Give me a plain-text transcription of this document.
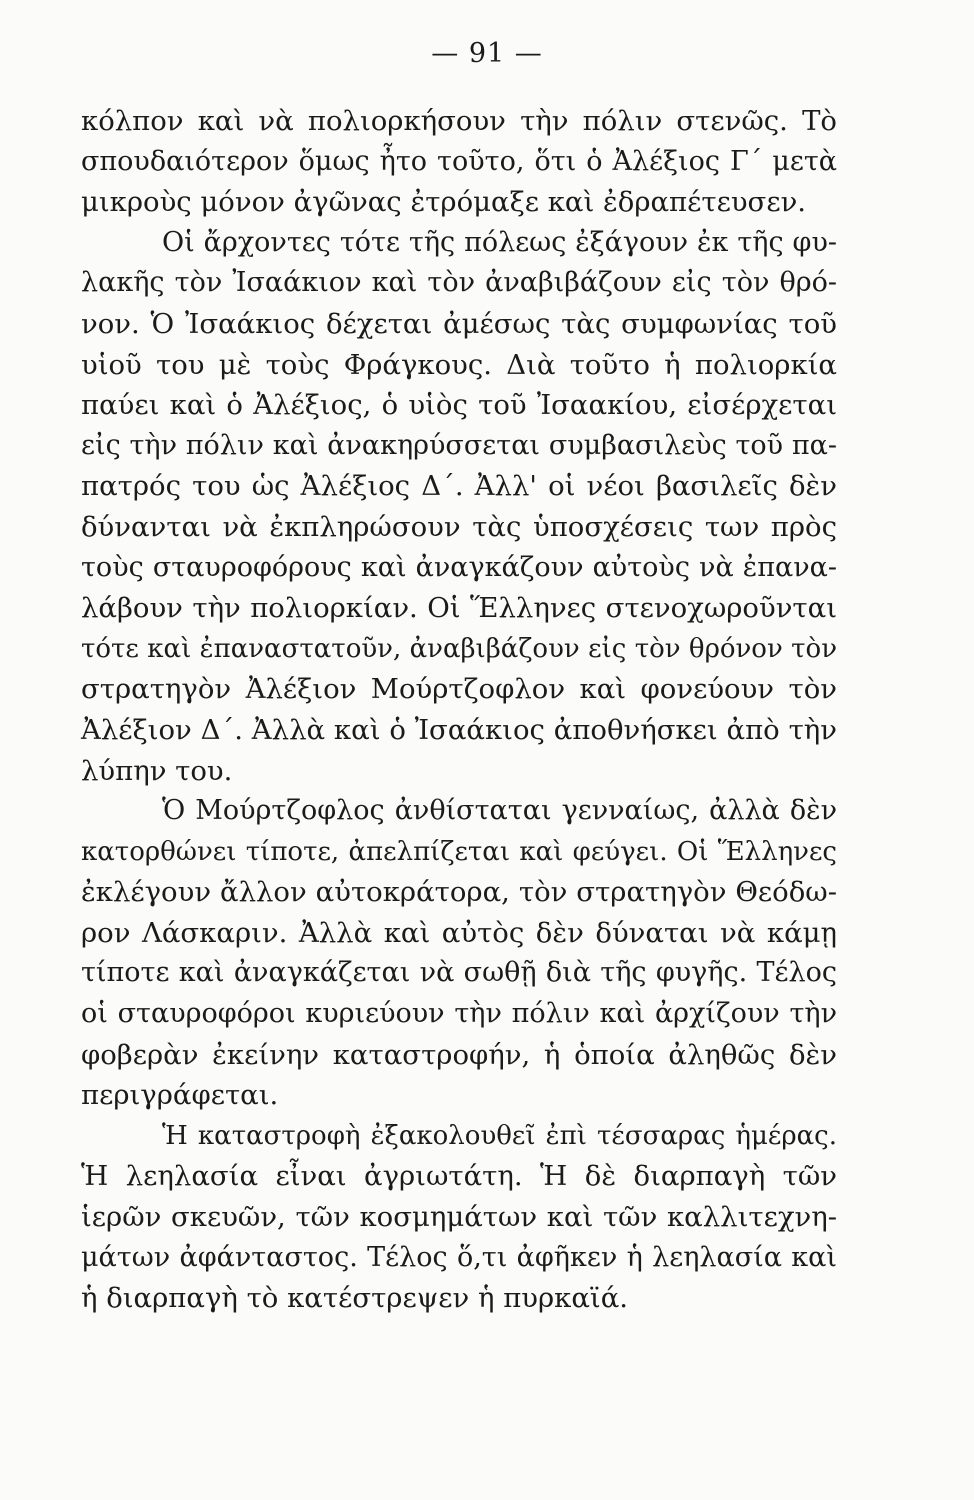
— 91 —
κόλπον καὶ νὰ πολιορκήσουν τὴν πόλιν στενῶς. Τὸ
σπουδαιότερον ὅμως ἦτο τοῦτο, ὅτι ὁ Ἀλέξιος Γ΄ μετὰ
μικροὺς μόνον ἀγῶνας ἐτρόμαξε καὶ ἐδραπέτευσεν.
Οἱ ἄρχοντες τότε τῆς πόλεως ἐξάγουν ἐκ τῆς φυ-
λακῆς τὸν Ἰσαάκιον καὶ τὸν ἀναβιβάζουν εἰς τὸν θρό-
νον. Ὁ Ἰσαάκιος δέχεται ἀμέσως τὰς συμφωνίας τοῦ
υἱοῦ του μὲ τοὺς Φράγκους. Διὰ τοῦτο ἡ πολιορκία
παύει καὶ ὁ Ἀλέξιος, ὁ υἱὸς τοῦ Ἰσαακίου, εἰσέρχεται
εἰς τὴν πόλιν καὶ ἀνακηρύσσεται συμβασιλεὺς τοῦ πα-
πατρός του ὡς Ἀλέξιος Δ΄. Ἀλλ' οἱ νέοι βασιλεῖς δὲν
δύνανται νὰ ἐκπληρώσουν τὰς ὑποσχέσεις των πρὸς
τοὺς σταυροφόρους καὶ ἀναγκάζουν αὐτοὺς νὰ ἐπανα-
λάβουν τὴν πολιορκίαν. Οἱ Ἕλληνες στενοχωροῦνται
τότε καὶ ἐπαναστατοῦν, ἀναβιβάζουν εἰς τὸν θρόνον τὸν
στρατηγὸν Ἀλέξιον Μούρτζοφλον καὶ φονεύουν τὸν
Ἀλέξιον Δ΄. Ἀλλὰ καὶ ὁ Ἰσαάκιος ἀποθνήσκει ἀπὸ τὴν
λύπην του.
Ὁ Μούρτζοφλος ἀνθίσταται γενναίως, ἀλλὰ δὲν
κατορθώνει τίποτε, ἀπελπίζεται καὶ φεύγει. Οἱ Ἕλληνες
ἐκλέγουν ἄλλον αὐτοκράτορα, τὸν στρατηγὸν Θεόδω-
ρον Λάσκαριν. Ἀλλὰ καὶ αὐτὸς δὲν δύναται νὰ κάμῃ
τίποτε καὶ ἀναγκάζεται νὰ σωθῇ διὰ τῆς φυγῆς. Τέλος
οἱ σταυροφόροι κυριεύουν τὴν πόλιν καὶ ἀρχίζουν τὴν
φοβερὰν ἐκείνην καταστροφήν, ἡ ὁποία ἀληθῶς δὲν
περιγράφεται.
Ἡ καταστροφὴ ἐξακολουθεῖ ἐπὶ τέσσαρας ἡμέρας.
Ἡ λεηλασία εἶναι ἀγριωτάτη. Ἡ δὲ διαρπαγὴ τῶν
ἱερῶν σκευῶν, τῶν κοσμημάτων καὶ τῶν καλλιτεχνη-
μάτων ἀφάνταστος. Τέλος ὅ,τι ἀφῆκεν ἡ λεηλασία καὶ
ἡ διαρπαγὴ τὸ κατέστρεψεν ἡ πυρκαϊά.
